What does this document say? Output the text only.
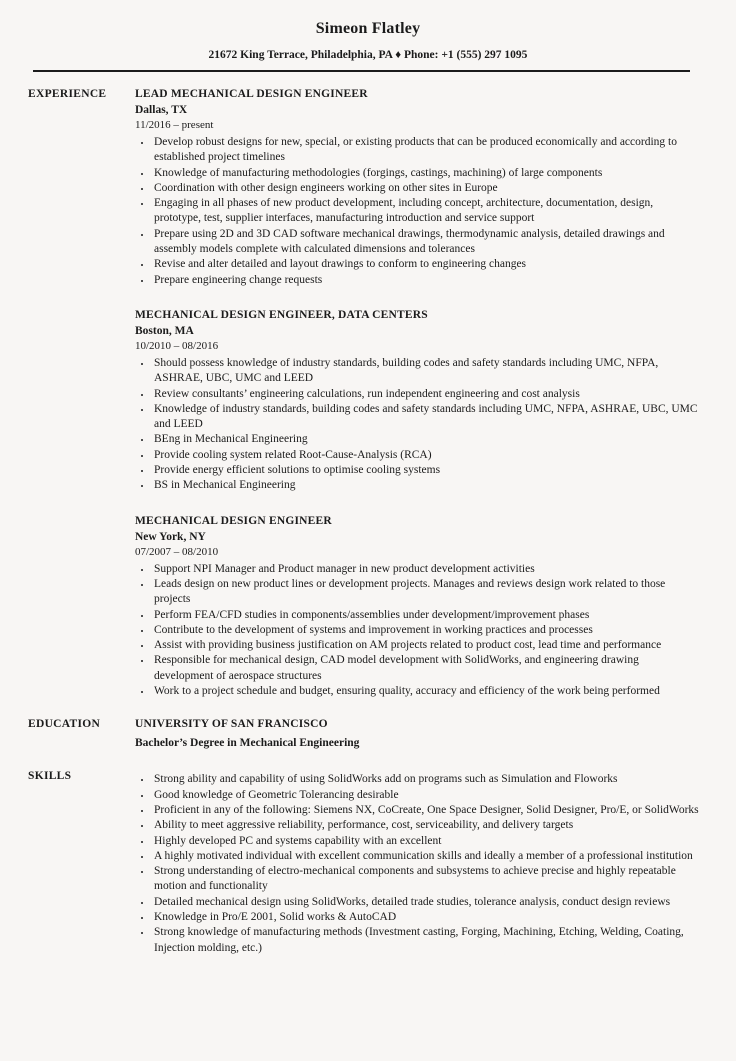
Simeon Flatley
21672 King Terrace, Philadelphia, PA ♦ Phone: +1 (555) 297 1095
EXPERIENCE	LEAD MECHANICAL DESIGN ENGINEER
Dallas, TX
11/2016 – present
• Develop robust designs for new, special, or existing products that can be produced economically and according to established project timelines
• Knowledge of manufacturing methodologies (forgings, castings, machining) of large components
• Coordination with other design engineers working on other sites in Europe
• Engaging in all phases of new product development, including concept, architecture, documentation, design, prototype, test, supplier interfaces, manufacturing introduction and service support
• Prepare using 2D and 3D CAD software mechanical drawings, thermodynamic analysis, detailed drawings and assembly models complete with calculated dimensions and tolerances
• Revise and alter detailed and layout drawings to conform to engineering changes
• Prepare engineering change requests
MECHANICAL DESIGN ENGINEER, DATA CENTERS
Boston, MA
10/2010 – 08/2016
• Should possess knowledge of industry standards, building codes and safety standards including UMC, NFPA, ASHRAE, UBC, UMC and LEED
• Review consultants’ engineering calculations, run independent engineering and cost analysis
• Knowledge of industry standards, building codes and safety standards including UMC, NFPA, ASHRAE, UBC, UMC and LEED
• BEng in Mechanical Engineering
• Provide cooling system related Root-Cause-Analysis (RCA)
• Provide energy efficient solutions to optimise cooling systems
• BS in Mechanical Engineering
MECHANICAL DESIGN ENGINEER
New York, NY
07/2007 – 08/2010
• Support NPI Manager and Product manager in new product development activities
• Leads design on new product lines or development projects. Manages and reviews design work related to those projects
• Perform FEA/CFD studies in components/assemblies under development/improvement phases
• Contribute to the development of systems and improvement in working practices and processes
• Assist with providing business justification on AM projects related to product cost, lead time and performance
• Responsible for mechanical design, CAD model development with SolidWorks, and engineering drawing development of aerospace structures
• Work to a project schedule and budget, ensuring quality, accuracy and efficiency of the work being performed
EDUCATION	UNIVERSITY OF SAN FRANCISCO
Bachelor’s Degree in Mechanical Engineering
SKILLS	• Strong ability and capability of using SolidWorks add on programs such as Simulation and Floworks
• Good knowledge of Geometric Tolerancing desirable
• Proficient in any of the following: Siemens NX, CoCreate, One Space Designer, Solid Designer, Pro/E, or SolidWorks
• Ability to meet aggressive reliability, performance, cost, serviceability, and delivery targets
• Highly developed PC and systems capability with an excellent
• A highly motivated individual with excellent communication skills and ideally a member of a professional institution
• Strong understanding of electro-mechanical components and subsystems to achieve precise and highly repeatable motion and functionality
• Detailed mechanical design using SolidWorks, detailed trade studies, tolerance analysis, conduct design reviews
• Knowledge in Pro/E 2001, Solid works & AutoCAD
• Strong knowledge of manufacturing methods (Investment casting, Forging, Machining, Etching, Welding, Coating, Injection molding, etc.)
